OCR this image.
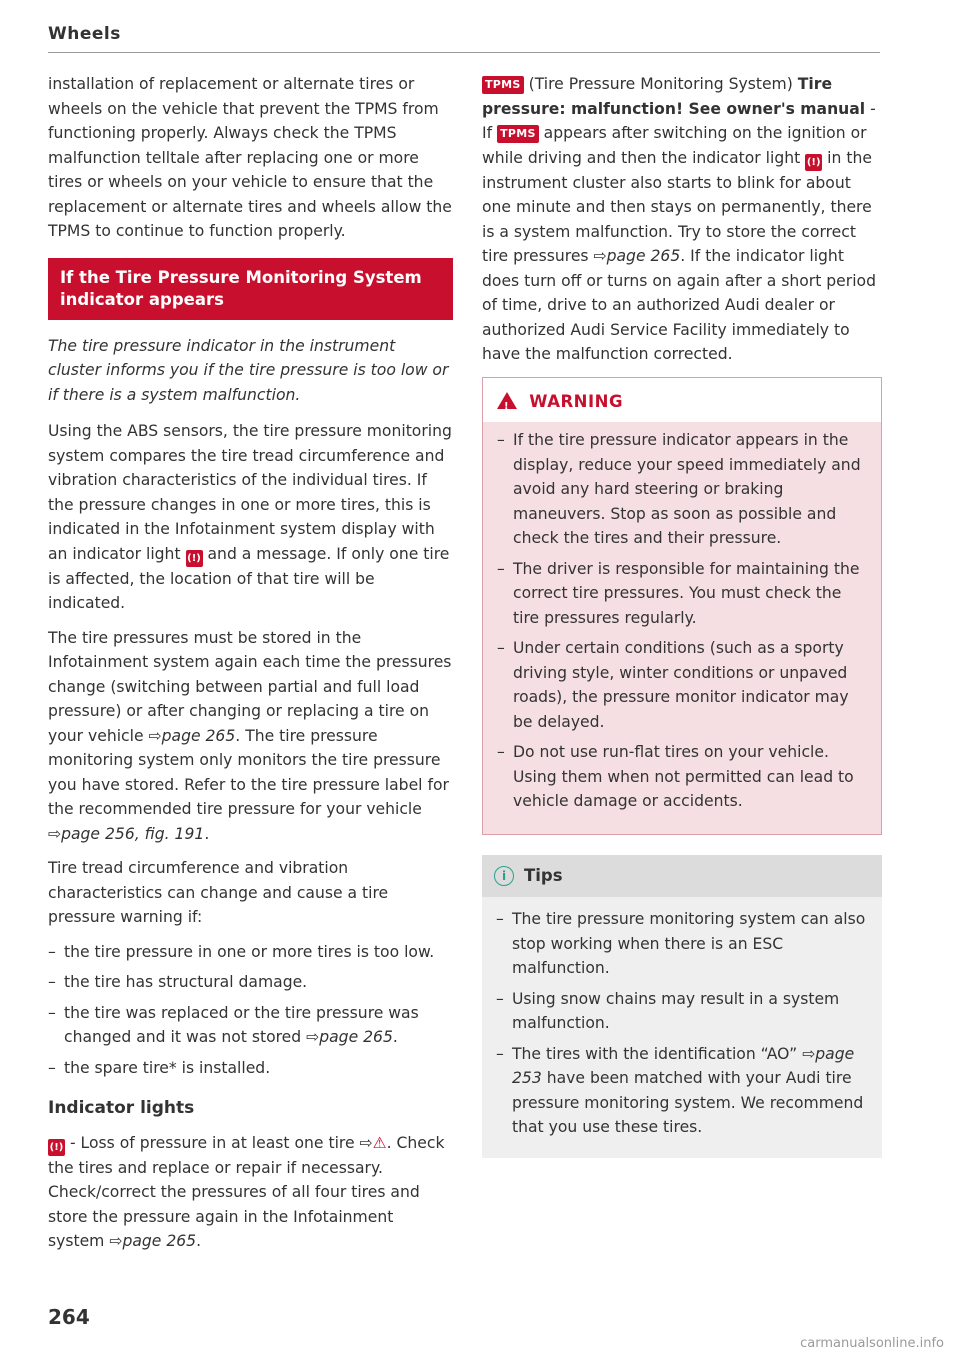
Wheels

installation of replacement or alternate tires or wheels on the vehicle that prevent the TPMS from functioning properly. Always check the TPMS malfunction telltale after replacing one or more tires or wheels on your vehicle to ensure that the replacement or alternate tires and wheels allow the TPMS to continue to function properly.

If the Tire Pressure Monitoring System indicator appears

The tire pressure indicator in the instrument cluster informs you if the tire pressure is too low or if there is a system malfunction.

Using the ABS sensors, the tire pressure monitoring system compares the tire tread circumference and vibration characteristics of the individual tires. If the pressure changes in one or more tires, this is indicated in the Infotainment system display with an indicator light (!) and a message. If only one tire is affected, the location of that tire will be indicated.

The tire pressures must be stored in the Infotainment system again each time the pressures change (switching between partial and full load pressure) or after changing or replacing a tire on your vehicle ⇨page 265. The tire pressure monitoring system only monitors the tire pressure you have stored. Refer to the tire pressure label for the recommended tire pressure for your vehicle ⇨page 256, fig. 191.

Tire tread circumference and vibration characteristics can change and cause a tire pressure warning if:

– the tire pressure in one or more tires is too low.
– the tire has structural damage.
– the tire was replaced or the tire pressure was changed and it was not stored ⇨page 265.
– the spare tire* is installed.
Indicator lights

(!) - Loss of pressure in at least one tire ⇨⚠. Check the tires and replace or repair if necessary. Check/correct the pressures of all four tires and store the pressure again in the Infotainment system ⇨page 265.

TPMS (Tire Pressure Monitoring System) Tire pressure: malfunction! See owner's manual - If TPMS appears after switching on the ignition or while driving and then the indicator light (!) in the instrument cluster also starts to blink for about one minute and then stays on permanently, there is a system malfunction. Try to store the correct tire pressures ⇨page 265. If the indicator light does turn off or turns on again after a short period of time, drive to an authorized Audi dealer or authorized Audi Service Facility immediately to have the malfunction corrected.

! WARNING
– If the tire pressure indicator appears in the display, reduce your speed immediately and avoid any hard steering or braking maneuvers. Stop as soon as possible and check the tires and their pressure.
– The driver is responsible for maintaining the correct tire pressures. You must check the tire pressures regularly.
– Under certain conditions (such as a sporty driving style, winter conditions or unpaved roads), the pressure monitor indicator may be delayed.
– Do not use run-flat tires on your vehicle. Using them when not permitted can lead to vehicle damage or accidents.
i Tips
– The tire pressure monitoring system can also stop working when there is an ESC malfunction.
– Using snow chains may result in a system malfunction.
– The tires with the identification “AO” ⇨page 253 have been matched with your Audi tire pressure monitoring system. We recommend that you use these tires.
264
carmanualsonline.info
